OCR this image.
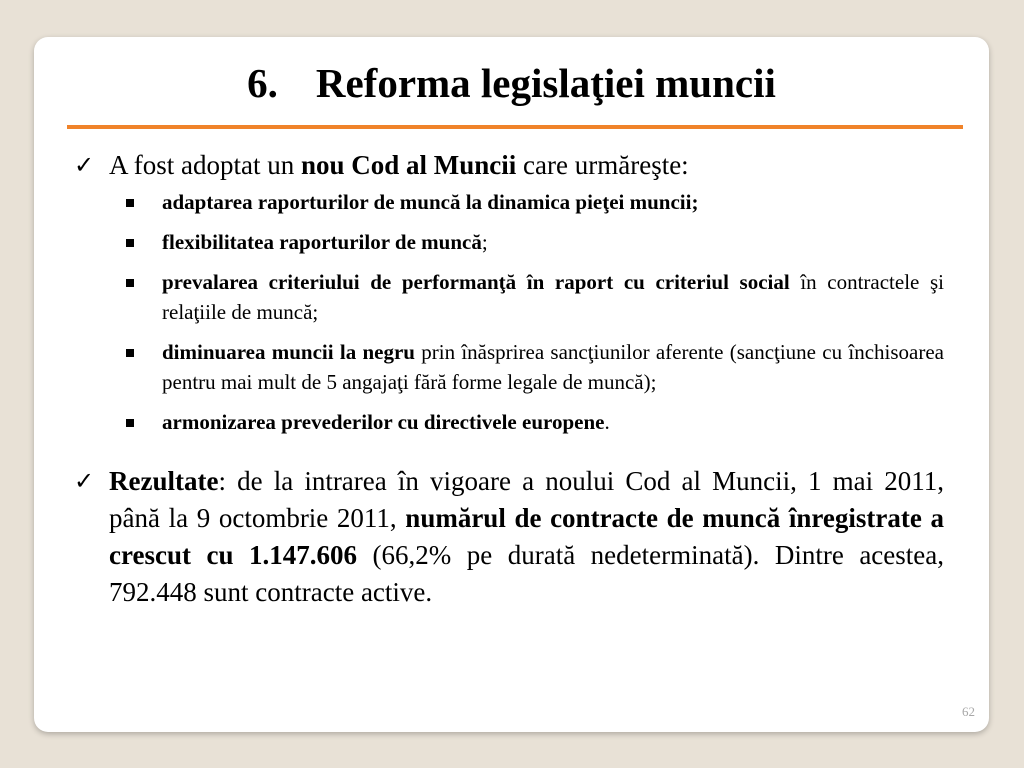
6. Reforma legislaţiei muncii
✓ A fost adoptat un nou Cod al Muncii care urmăreşte:
adaptarea raporturilor de muncă la dinamica pieţei muncii;
flexibilitatea raporturilor de muncă;
prevalarea criteriului de performanţă în raport cu criteriul social în contractele şi relaţiile de muncă;
diminuarea muncii la negru prin înăsprirea sancţiunilor aferente (sancţiune cu închisoarea pentru mai mult de 5 angajaţi fără forme legale de muncă);
armonizarea prevederilor cu directivele europene.
✓ Rezultate: de la intrarea în vigoare a noului Cod al Muncii, 1 mai 2011, până la 9 octombrie 2011, numărul de contracte de muncă înregistrate a crescut cu 1.147.606 (66,2% pe durată nedeterminată). Dintre acestea, 792.448 sunt contracte active.
62
